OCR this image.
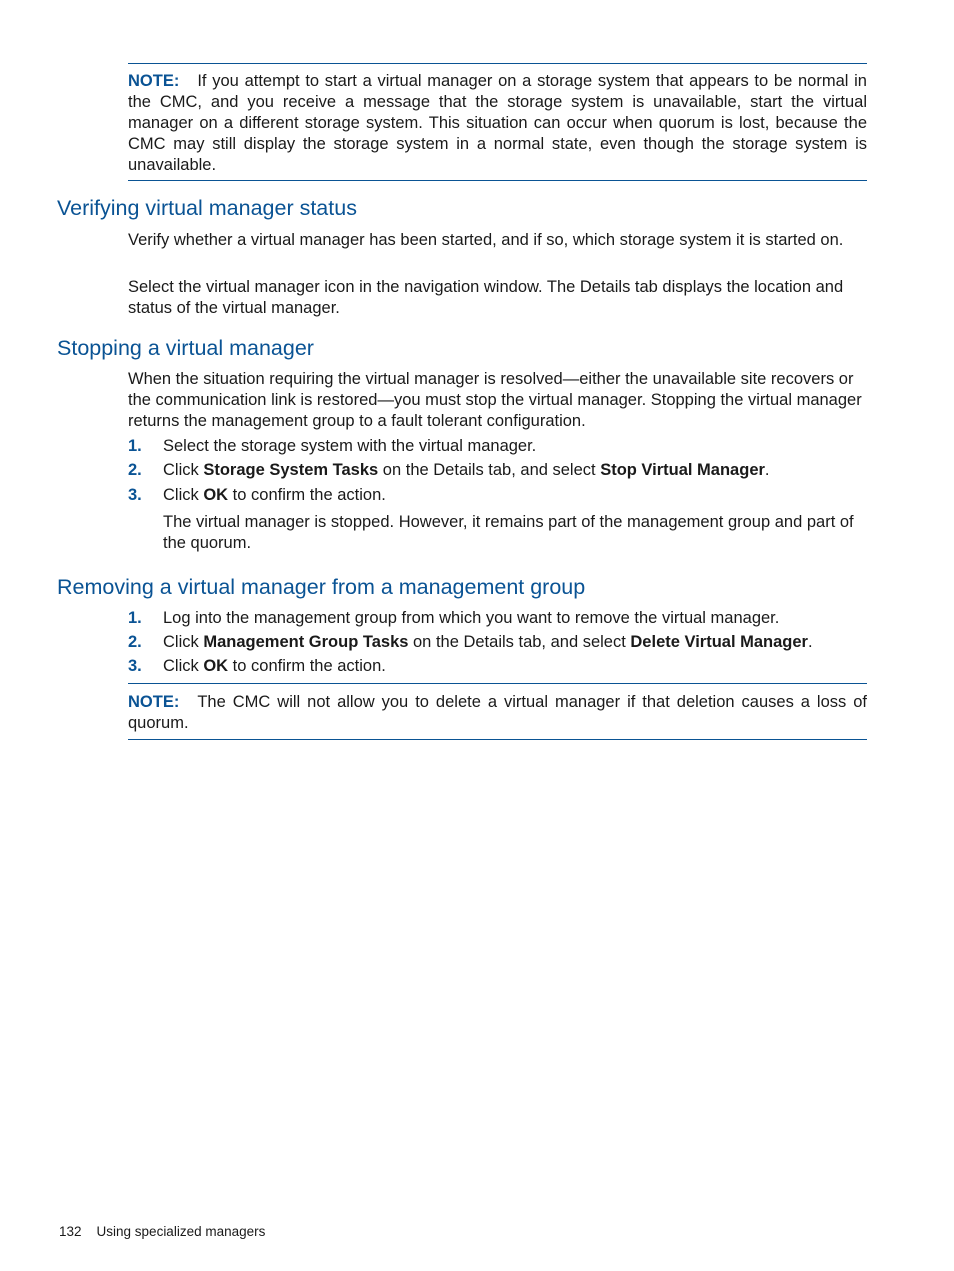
NOTE: If you attempt to start a virtual manager on a storage system that appears to be normal in the CMC, and you receive a message that the storage system is unavailable, start the virtual manager on a different storage system. This situation can occur when quorum is lost, because the CMC may still display the storage system in a normal state, even though the storage system is unavailable.
Verifying virtual manager status

Verify whether a virtual manager has been started, and if so, which storage system it is started on.

Select the virtual manager icon in the navigation window. The Details tab displays the location and status of the virtual manager.

Stopping a virtual manager

When the situation requiring the virtual manager is resolved—either the unavailable site recovers or the communication link is restored—you must stop the virtual manager. Stopping the virtual manager returns the management group to a fault tolerant configuration.

1. Select the storage system with the virtual manager.
2. Click Storage System Tasks on the Details tab, and select Stop Virtual Manager.
3. Click OK to confirm the action.

The virtual manager is stopped. However, it remains part of the management group and part of the quorum.

Removing a virtual manager from a management group
1. Log into the management group from which you want to remove the virtual manager.
2. Click Management Group Tasks on the Details tab, and select Delete Virtual Manager.
3. Click OK to confirm the action.
NOTE: The CMC will not allow you to delete a virtual manager if that deletion causes a loss of quorum.
132 Using specialized managers
